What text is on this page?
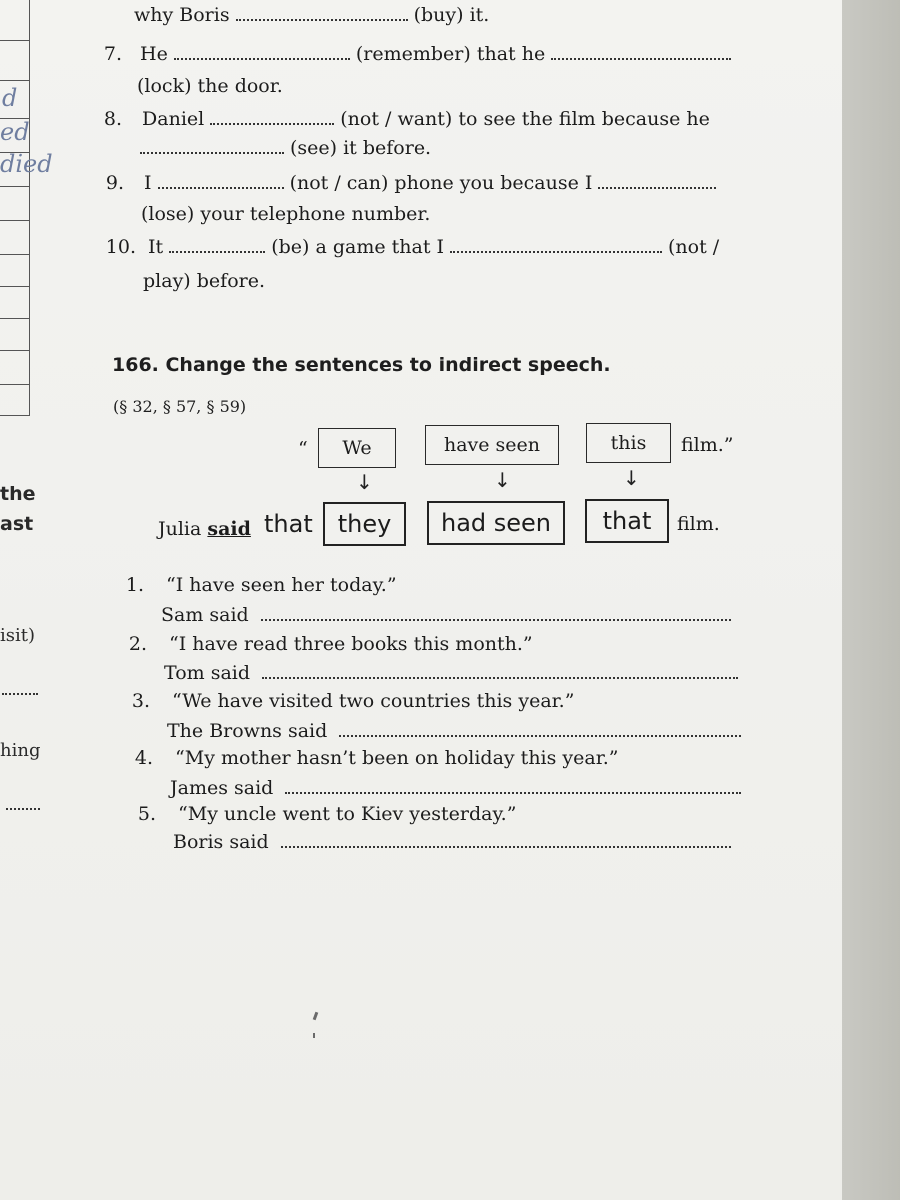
d
ed
died
the
ast
isit)
hing
why Boris	(buy) it.
7. He	(remember) that he
(lock) the door.
8. Daniel	(not / want) to see the film because he
(see) it before.
9. I	(not / can) phone you because I
(lose) your telephone number.
10. It	(be) a game that I	(not /
play) before.
166. Change the sentences to indirect speech.
(§ 32, § 57, § 59)
“	We	have seen	this	film.”
↓	↓	↓
Julia said that	they	had seen	that	film.
1. “I have seen her today.”
Sam said
2. “I have read three books this month.”
Tom said
3. “We have visited two countries this year.”
The Browns said
4. “My mother hasn’t been on holiday this year.”
James said
5. “My uncle went to Kiev yesterday.”
Boris said
